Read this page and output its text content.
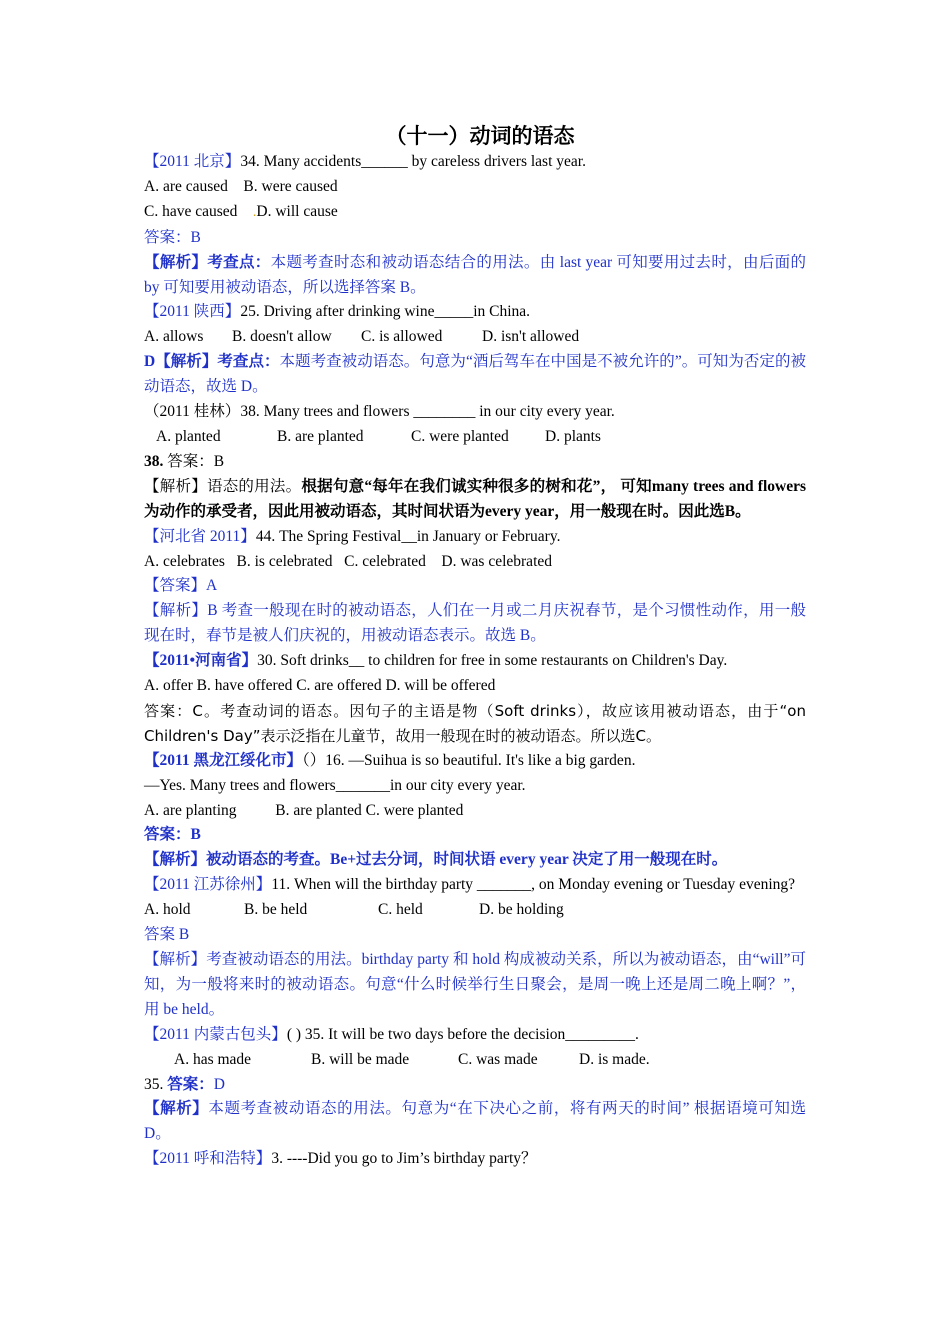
（十一）动词的语态

【2011 北京】34. Many accidents______ by careless drivers last year.

A. are caused B. were caused

C. have caused .D. will cause

答案：B

【解析】考查点：本题考查时态和被动语态结合的用法。由 last year 可知要用过去时，由后面的 by 可知要用被动语态，所以选择答案 B。

【2011 陕西】25. Driving after drinking wine_____in China.

A. allows B. doesn't allow C. is allowed	D. isn't allowed

D【解析】考查点：本题考查被动语态。句意为“酒后驾车在中国是不被允许的”。可知为否定的被动语态，故选 D。

（2011 桂林）38. Many trees and flowers ________ in our city every year.

A. planted	B. are planted	C. were planted D. plants

38. 答案：B

【解析】语态的用法。根据句意“每年在我们诚实种很多的树和花”， 可知many trees and flowers为动作的承受者，因此用被动语态，其时间状语为every year，用一般现在时。因此选B。

【河北省 2011】44. The Spring Festival__in January or February.

A. celebrates B. is celebrated C. celebrated D. was celebrated

【答案】A

【解析】B 考查一般现在时的被动语态，人们在一月或二月庆祝春节，是个习惯性动作，用一般现在时，春节是被人们庆祝的，用被动语态表示。故选 B。

【2011•河南省】30. Soft drinks__ to children for free in some restaurants on Children's Day.

A. offer B. have offered C. are offered D. will be offered

答案：C。考查动词的语态。因句子的主语是物（Soft drinks），故应该用被动语态，由于“on Children's Day”表示泛指在儿童节，故用一般现在时的被动语态。所以选C。

【2011 黑龙江绥化市】（）16. —Suihua is so beautiful. It's like a big garden.

—Yes. Many trees and flowers_______in our city every year.

A. are planting          B. are planted C. were planted

答案：B

【解析】被动语态的考查。Be+过去分词，时间状语 every year 决定了用一般现在时。

【2011 江苏徐州】11. When will the birthday party _______, on Monday evening or Tuesday evening?

A. hold	B. be held	C. held	D. be holding

答案 B

【解析】考查被动语态的用法。birthday party 和 hold 构成被动关系，所以为被动语态，由“will”可知，为一般将来时的被动语态。句意“什么时候举行生日聚会，是周一晚上还是周二晚上啊？”，用 be held。

【2011 内蒙古包头】( ) 35. It will be two days before the decision_________.

A. has made	B. will be made	C. was made	D. is made.

35. 答案：D

【解析】本题考查被动语态的用法。句意为“在下决心之前，将有两天的时间” 根据语境可知选 D。

【2011 呼和浩特】3. ----Did you go to Jim’s birthday party？
